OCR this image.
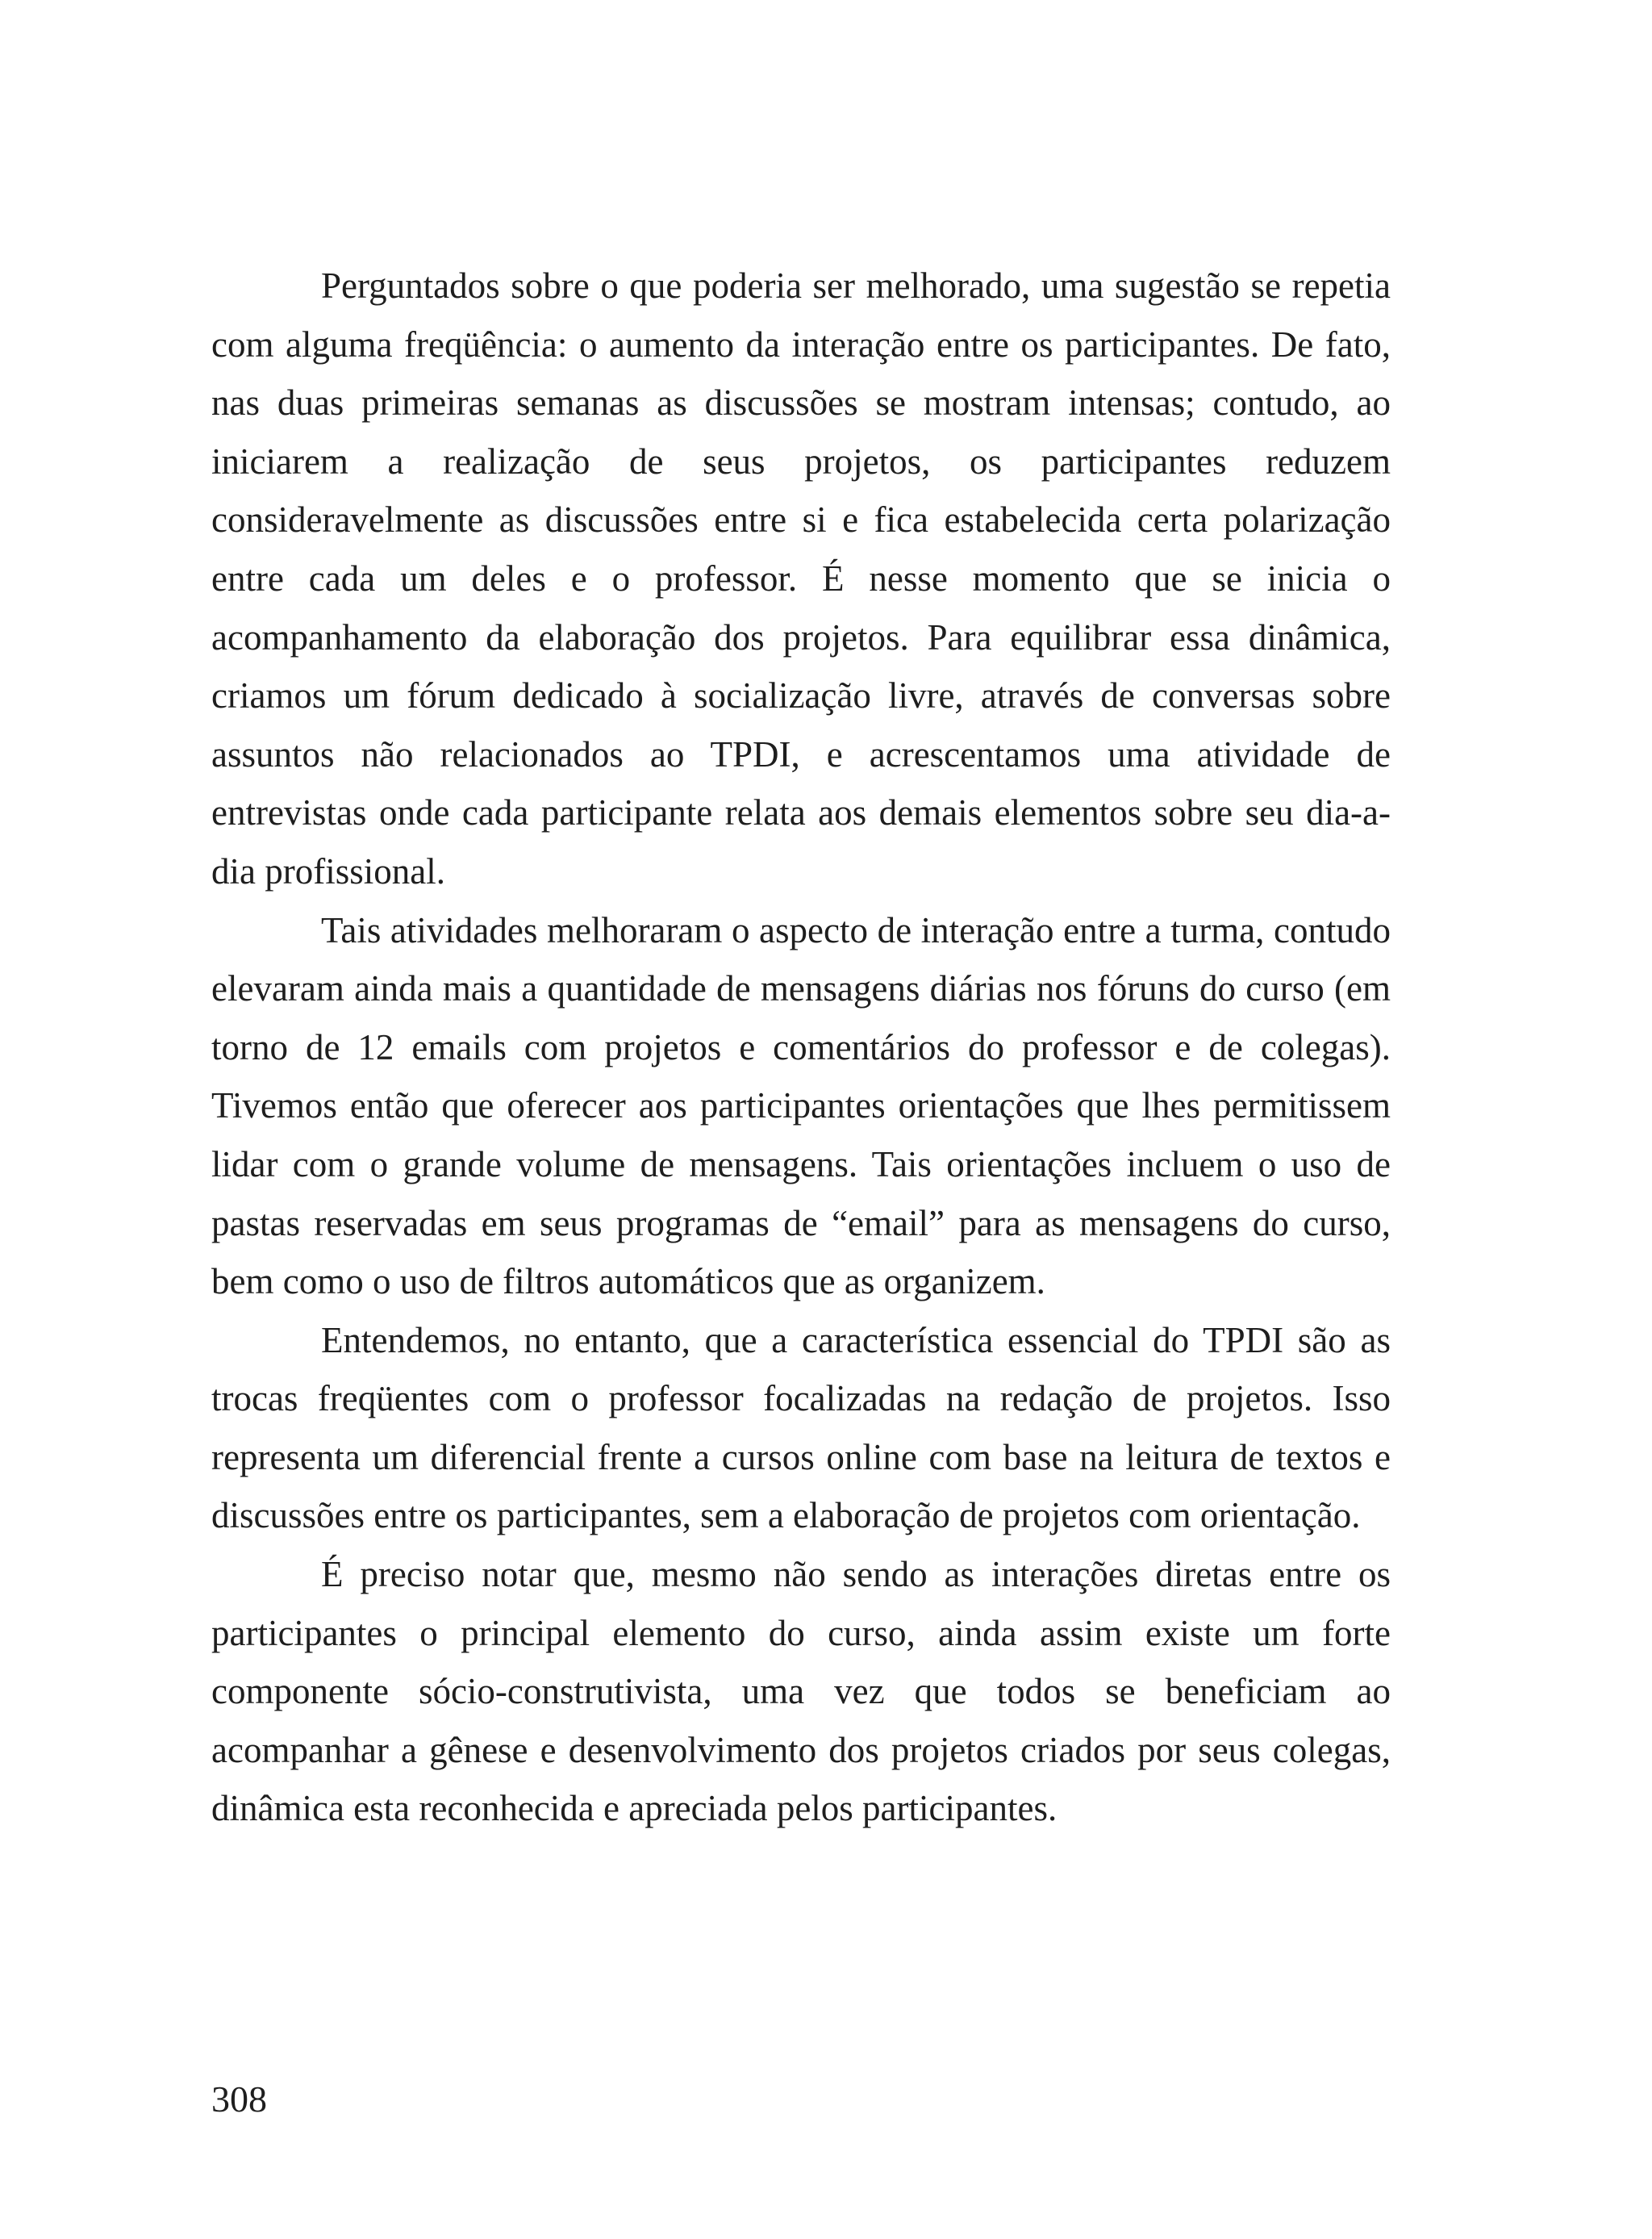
Perguntados sobre o que poderia ser melhorado, uma sugestão se repetia com alguma freqüência: o aumento da interação entre os participantes. De fato, nas duas primeiras semanas as discussões se mostram intensas; contudo, ao iniciarem a realização de seus projetos, os participantes reduzem consideravelmente as discussões entre si e fica estabelecida certa polarização entre cada um deles e o professor. É nesse momento que se inicia o acompanhamento da elaboração dos projetos. Para equilibrar essa dinâmica, criamos um fórum dedicado à socialização livre, através de conversas sobre assuntos não relacionados ao TPDI, e acrescentamos uma atividade de entrevistas onde cada participante relata aos demais elementos sobre seu dia-a-dia profissional.

Tais atividades melhoraram o aspecto de interação entre a turma, contudo elevaram ainda mais a quantidade de mensagens diárias nos fóruns do curso (em torno de 12 emails com projetos e comentários do professor e de colegas). Tivemos então que oferecer aos participantes orientações que lhes permitissem lidar com o grande volume de mensagens. Tais orientações incluem o uso de pastas reservadas em seus programas de “email” para as mensagens do curso, bem como o uso de filtros automáticos que as organizem.

Entendemos, no entanto, que a característica essencial do TPDI são as trocas freqüentes com o professor focalizadas na redação de projetos. Isso representa um diferencial frente a cursos online com base na leitura de textos e discussões entre os participantes, sem a elaboração de projetos com orientação.

É preciso notar que, mesmo não sendo as interações diretas entre os participantes o principal elemento do curso, ainda assim existe um forte componente sócio-construtivista, uma vez que todos se beneficiam ao acompanhar a gênese e desenvolvimento dos projetos criados por seus colegas, dinâmica esta reconhecida e apreciada pelos participantes.

308
